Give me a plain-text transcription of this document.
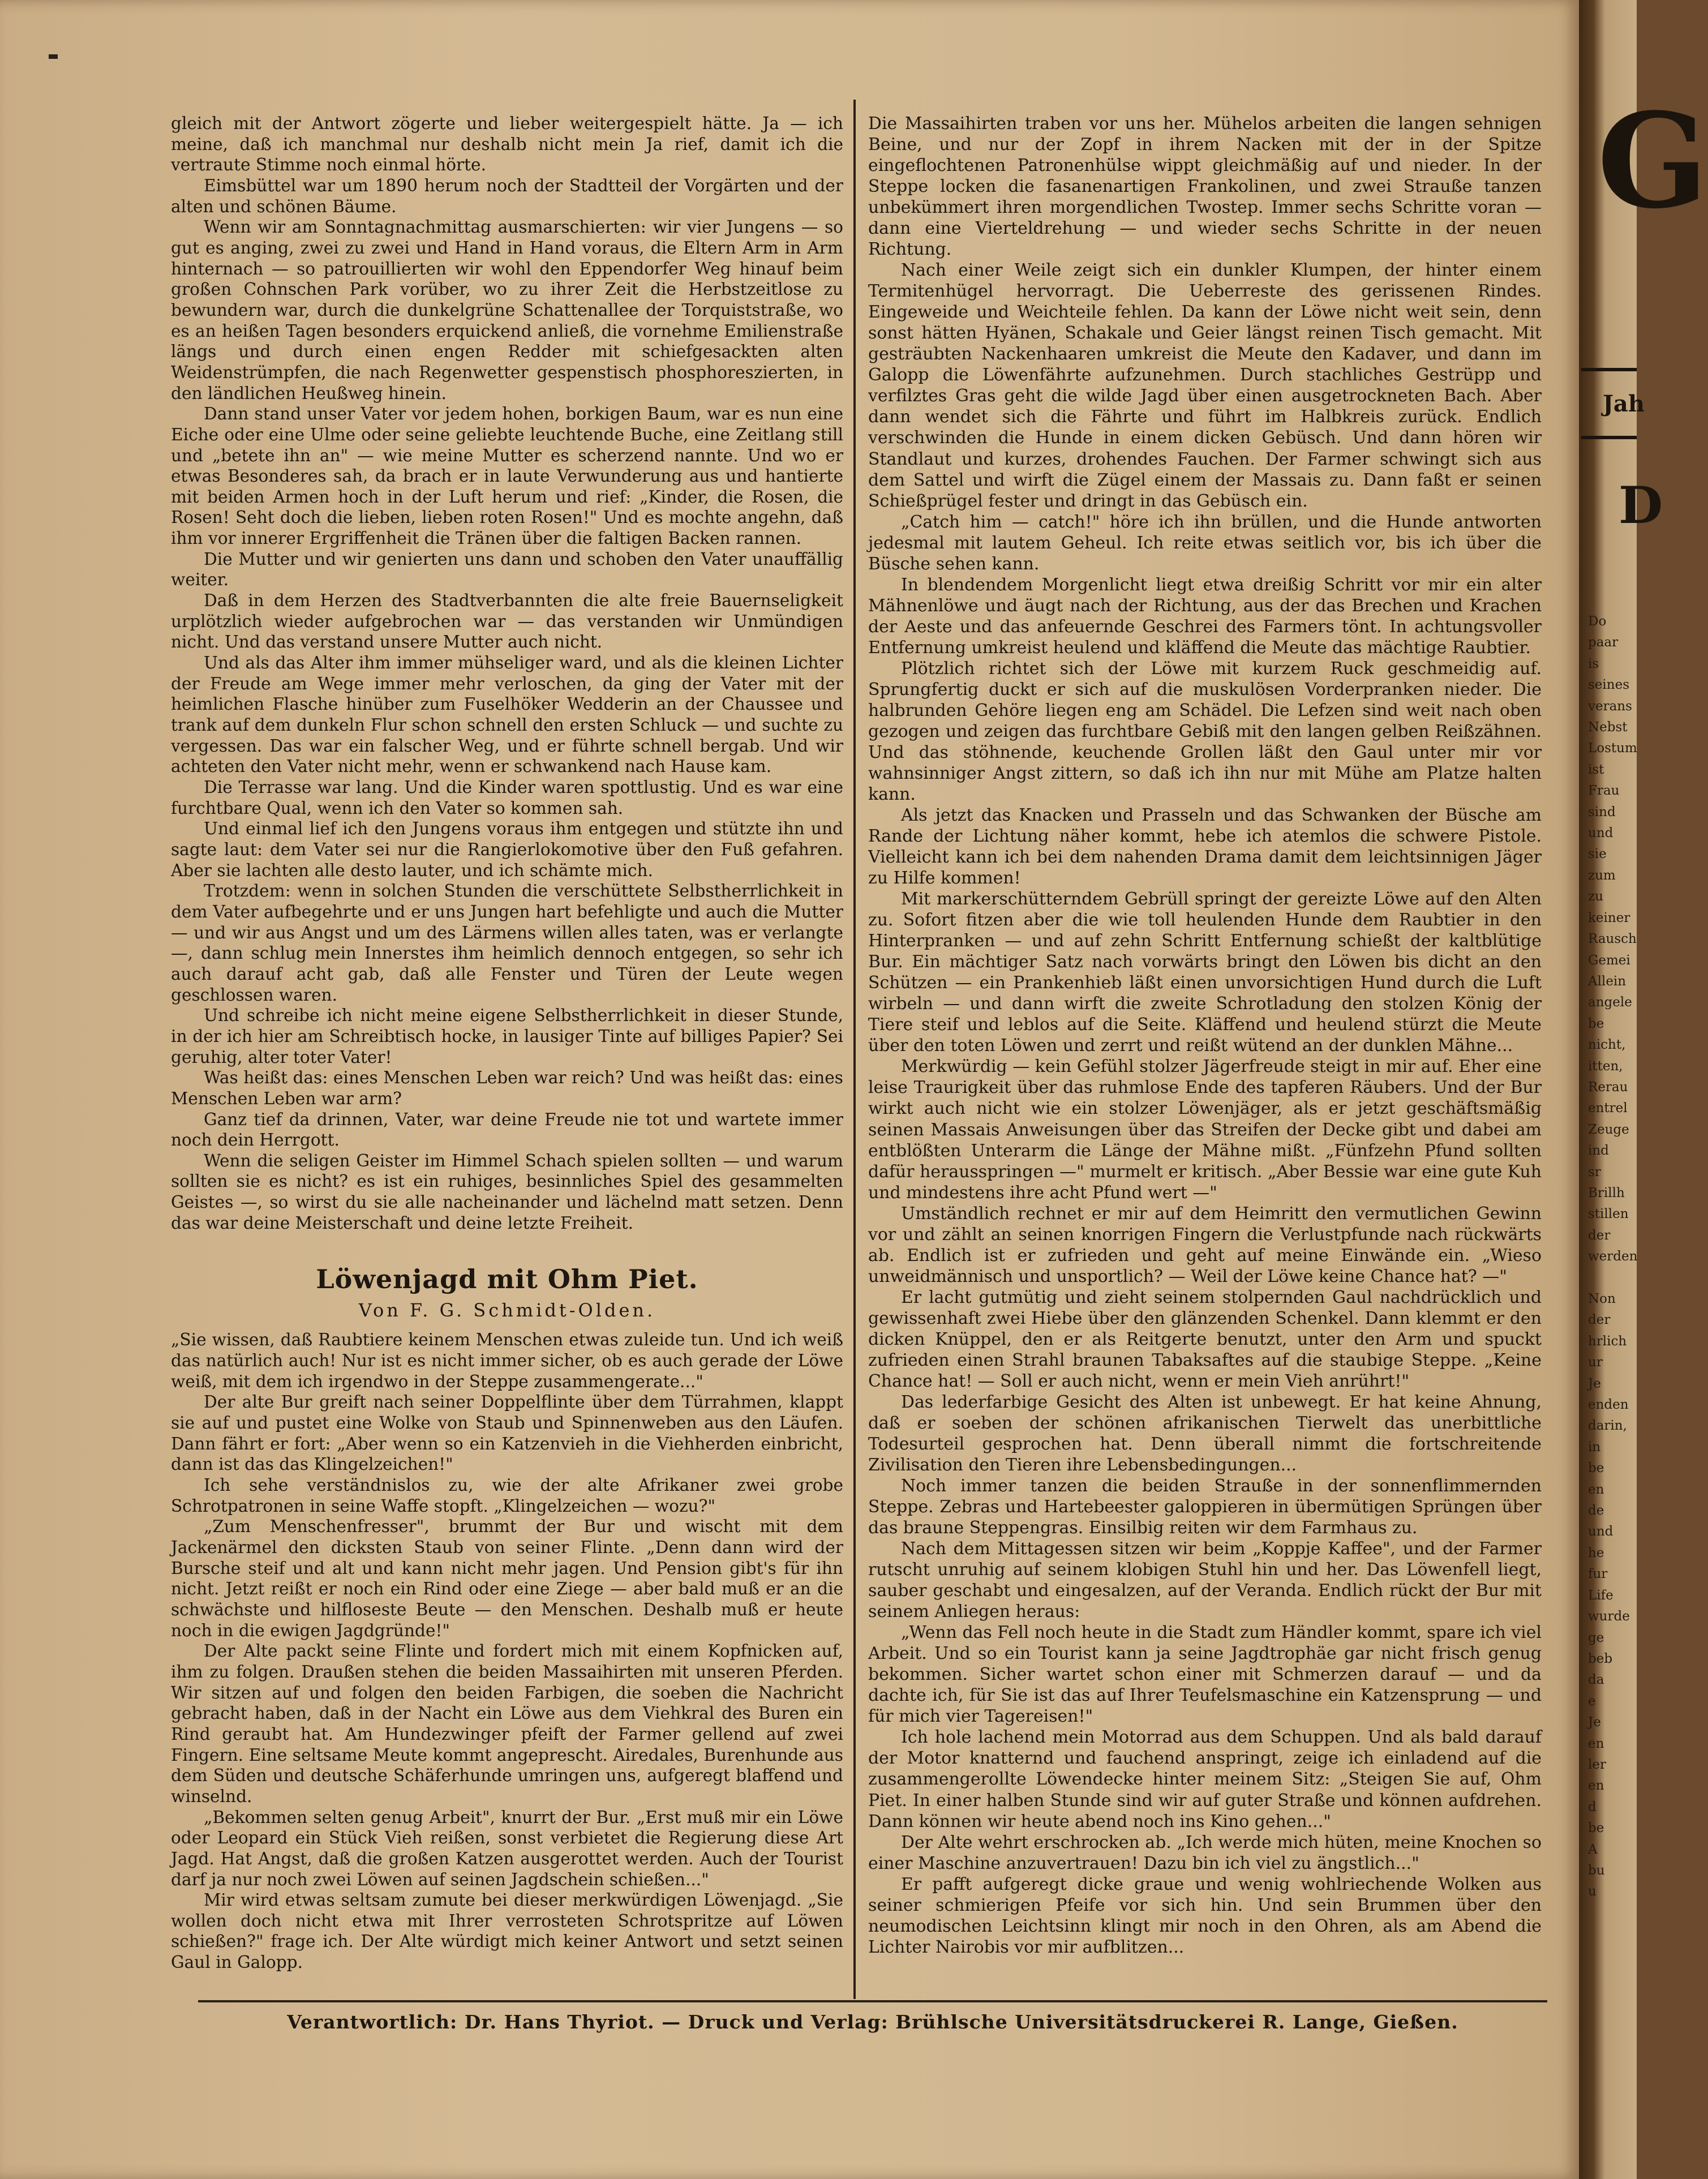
gleich mit der Antwort zögerte und lieber weitergespielt hätte. Ja — ich meine, daß ich manchmal nur deshalb nicht mein Ja rief, damit ich die vertraute Stimme noch einmal hörte.

Eimsbüttel war um 1890 herum noch der Stadtteil der Vorgärten und der alten und schönen Bäume.

Wenn wir am Sonntagnachmittag ausmarschierten: wir vier Jungens — so gut es anging, zwei zu zwei und Hand in Hand voraus, die Eltern Arm in Arm hinternach — so patrouillierten wir wohl den Eppendorfer Weg hinauf beim großen Cohnschen Park vorüber, wo zu ihrer Zeit die Herbstzeitlose zu bewundern war, durch die dunkelgrüne Schattenallee der Torquiststraße, wo es an heißen Tagen besonders erquickend anließ, die vornehme Emilienstraße längs und durch einen engen Redder mit schiefgesackten alten Weidenstrümpfen, die nach Regenwetter gespenstisch phosphoreszierten, in den ländlichen Heußweg hinein.

Dann stand unser Vater vor jedem hohen, borkigen Baum, war es nun eine Eiche oder eine Ulme oder seine geliebte leuchtende Buche, eine Zeitlang still und „betete ihn an" — wie meine Mutter es scherzend nannte. Und wo er etwas Besonderes sah, da brach er in laute Verwunderung aus und hantierte mit beiden Armen hoch in der Luft herum und rief: „Kinder, die Rosen, die Rosen! Seht doch die lieben, lieben roten Rosen!" Und es mochte angehn, daß ihm vor innerer Ergriffenheit die Tränen über die faltigen Backen rannen.

Die Mutter und wir genierten uns dann und schoben den Vater unauffällig weiter.

Daß in dem Herzen des Stadtverbannten die alte freie Bauernseligkeit urplötzlich wieder aufgebrochen war — das verstanden wir Unmündigen nicht. Und das verstand unsere Mutter auch nicht.

Und als das Alter ihm immer mühseliger ward, und als die kleinen Lichter der Freude am Wege immer mehr verloschen, da ging der Vater mit der heimlichen Flasche hinüber zum Fuselhöker Wedderin an der Chaussee und trank auf dem dunkeln Flur schon schnell den ersten Schluck — und suchte zu vergessen. Das war ein falscher Weg, und er führte schnell bergab. Und wir achteten den Vater nicht mehr, wenn er schwankend nach Hause kam.

Die Terrasse war lang. Und die Kinder waren spottlustig. Und es war eine furchtbare Qual, wenn ich den Vater so kommen sah.

Und einmal lief ich den Jungens voraus ihm entgegen und stützte ihn und sagte laut: dem Vater sei nur die Rangierlokomotive über den Fuß gefahren. Aber sie lachten alle desto lauter, und ich schämte mich.

Trotzdem: wenn in solchen Stunden die verschüttete Selbstherrlichkeit in dem Vater aufbegehrte und er uns Jungen hart befehligte und auch die Mutter — und wir aus Angst und um des Lärmens willen alles taten, was er verlangte —, dann schlug mein Innerstes ihm heimlich dennoch entgegen, so sehr ich auch darauf acht gab, daß alle Fenster und Türen der Leute wegen geschlossen waren.

Und schreibe ich nicht meine eigene Selbstherrlichkeit in dieser Stunde, in der ich hier am Schreibtisch hocke, in lausiger Tinte auf billiges Papier? Sei geruhig, alter toter Vater!

Was heißt das: eines Menschen Leben war reich? Und was heißt das: eines Menschen Leben war arm?

Ganz tief da drinnen, Vater, war deine Freude nie tot und wartete immer noch dein Herrgott.

Wenn die seligen Geister im Himmel Schach spielen sollten — und warum sollten sie es nicht? es ist ein ruhiges, besinnliches Spiel des gesammelten Geistes —, so wirst du sie alle nacheinander und lächelnd matt setzen. Denn das war deine Meisterschaft und deine letzte Freiheit.

Löwenjagd mit Ohm Piet.
Von F. G. Schmidt-Olden.

„Sie wissen, daß Raubtiere keinem Menschen etwas zuleide tun. Und ich weiß das natürlich auch! Nur ist es nicht immer sicher, ob es auch gerade der Löwe weiß, mit dem ich irgendwo in der Steppe zusammengerate..."

Der alte Bur greift nach seiner Doppelflinte über dem Türrahmen, klappt sie auf und pustet eine Wolke von Staub und Spinnenweben aus den Läufen. Dann fährt er fort: „Aber wenn so ein Katzenvieh in die Viehherden einbricht, dann ist das das Klingelzeichen!"

Ich sehe verständnislos zu, wie der alte Afrikaner zwei grobe Schrotpatronen in seine Waffe stopft. „Klingelzeichen — wozu?"

„Zum Menschenfresser", brummt der Bur und wischt mit dem Jackenärmel den dicksten Staub von seiner Flinte. „Denn dann wird der Bursche steif und alt und kann nicht mehr jagen. Und Pension gibt's für ihn nicht. Jetzt reißt er noch ein Rind oder eine Ziege — aber bald muß er an die schwächste und hilfloseste Beute — den Menschen. Deshalb muß er heute noch in die ewigen Jagdgründe!"

Der Alte packt seine Flinte und fordert mich mit einem Kopfnicken auf, ihm zu folgen. Draußen stehen die beiden Massaihirten mit unseren Pferden. Wir sitzen auf und folgen den beiden Farbigen, die soeben die Nachricht gebracht haben, daß in der Nacht ein Löwe aus dem Viehkral des Buren ein Rind geraubt hat. Am Hundezwinger pfeift der Farmer gellend auf zwei Fingern. Eine seltsame Meute kommt angeprescht. Airedales, Burenhunde aus dem Süden und deutsche Schäferhunde umringen uns, aufgeregt blaffend und winselnd.

„Bekommen selten genug Arbeit", knurrt der Bur. „Erst muß mir ein Löwe oder Leopard ein Stück Vieh reißen, sonst verbietet die Regierung diese Art Jagd. Hat Angst, daß die großen Katzen ausgerottet werden. Auch der Tourist darf ja nur noch zwei Löwen auf seinen Jagdschein schießen..."

Mir wird etwas seltsam zumute bei dieser merkwürdigen Löwenjagd. „Sie wollen doch nicht etwa mit Ihrer verrosteten Schrotspritze auf Löwen schießen?" frage ich. Der Alte würdigt mich keiner Antwort und setzt seinen Gaul in Galopp.

Die Massaihirten traben vor uns her. Mühelos arbeiten die langen sehnigen Beine, und nur der Zopf in ihrem Nacken mit der in der Spitze eingeflochtenen Patronenhülse wippt gleichmäßig auf und nieder. In der Steppe locken die fasanenartigen Frankolinen, und zwei Strauße tanzen unbekümmert ihren morgendlichen Twostep. Immer sechs Schritte voran — dann eine Vierteldrehung — und wieder sechs Schritte in der neuen Richtung.

Nach einer Weile zeigt sich ein dunkler Klumpen, der hinter einem Termitenhügel hervorragt. Die Ueberreste des gerissenen Rindes. Eingeweide und Weichteile fehlen. Da kann der Löwe nicht weit sein, denn sonst hätten Hyänen, Schakale und Geier längst reinen Tisch gemacht. Mit gesträubten Nackenhaaren umkreist die Meute den Kadaver, und dann im Galopp die Löwenfährte aufzunehmen. Durch stachliches Gestrüpp und verfilztes Gras geht die wilde Jagd über einen ausgetrockneten Bach. Aber dann wendet sich die Fährte und führt im Halbkreis zurück. Endlich verschwinden die Hunde in einem dicken Gebüsch. Und dann hören wir Standlaut und kurzes, drohendes Fauchen. Der Farmer schwingt sich aus dem Sattel und wirft die Zügel einem der Massais zu. Dann faßt er seinen Schießprügel fester und dringt in das Gebüsch ein.

„Catch him — catch!" höre ich ihn brüllen, und die Hunde antworten jedesmal mit lautem Geheul. Ich reite etwas seitlich vor, bis ich über die Büsche sehen kann.

In blendendem Morgenlicht liegt etwa dreißig Schritt vor mir ein alter Mähnenlöwe und äugt nach der Richtung, aus der das Brechen und Krachen der Aeste und das anfeuernde Geschrei des Farmers tönt. In achtungsvoller Entfernung umkreist heulend und kläffend die Meute das mächtige Raubtier.

Plötzlich richtet sich der Löwe mit kurzem Ruck geschmeidig auf. Sprungfertig duckt er sich auf die muskulösen Vorderpranken nieder. Die halbrunden Gehöre liegen eng am Schädel. Die Lefzen sind weit nach oben gezogen und zeigen das furchtbare Gebiß mit den langen gelben Reißzähnen. Und das stöhnende, keuchende Grollen läßt den Gaul unter mir vor wahnsinniger Angst zittern, so daß ich ihn nur mit Mühe am Platze halten kann.

Als jetzt das Knacken und Prasseln und das Schwanken der Büsche am Rande der Lichtung näher kommt, hebe ich atemlos die schwere Pistole. Vielleicht kann ich bei dem nahenden Drama damit dem leichtsinnigen Jäger zu Hilfe kommen!

Mit markerschütterndem Gebrüll springt der gereizte Löwe auf den Alten zu. Sofort fitzen aber die wie toll heulenden Hunde dem Raubtier in den Hinterpranken — und auf zehn Schritt Entfernung schießt der kaltblütige Bur. Ein mächtiger Satz nach vorwärts bringt den Löwen bis dicht an den Schützen — ein Prankenhieb läßt einen unvorsichtigen Hund durch die Luft wirbeln — und dann wirft die zweite Schrotladung den stolzen König der Tiere steif und leblos auf die Seite. Kläffend und heulend stürzt die Meute über den toten Löwen und zerrt und reißt wütend an der dunklen Mähne...

Merkwürdig — kein Gefühl stolzer Jägerfreude steigt in mir auf. Eher eine leise Traurigkeit über das ruhmlose Ende des tapferen Räubers. Und der Bur wirkt auch nicht wie ein stolzer Löwenjäger, als er jetzt geschäftsmäßig seinen Massais Anweisungen über das Streifen der Decke gibt und dabei am entblößten Unterarm die Länge der Mähne mißt. „Fünfzehn Pfund sollten dafür herausspringen —" murmelt er kritisch. „Aber Bessie war eine gute Kuh und mindestens ihre acht Pfund wert —"

Umständlich rechnet er mir auf dem Heimritt den vermutlichen Gewinn vor und zählt an seinen knorrigen Fingern die Verlustpfunde nach rückwärts ab. Endlich ist er zufrieden und geht auf meine Einwände ein. „Wieso unweidmännisch und unsportlich? — Weil der Löwe keine Chance hat? —"

Er lacht gutmütig und zieht seinem stolpernden Gaul nachdrücklich und gewissenhaft zwei Hiebe über den glänzenden Schenkel. Dann klemmt er den dicken Knüppel, den er als Reitgerte benutzt, unter den Arm und spuckt zufrieden einen Strahl braunen Tabaksaftes auf die staubige Steppe. „Keine Chance hat! — Soll er auch nicht, wenn er mein Vieh anrührt!"

Das lederfarbige Gesicht des Alten ist unbewegt. Er hat keine Ahnung, daß er soeben der schönen afrikanischen Tierwelt das unerbittliche Todesurteil gesprochen hat. Denn überall nimmt die fortschreitende Zivilisation den Tieren ihre Lebensbedingungen...

Noch immer tanzen die beiden Strauße in der sonnenflimmernden Steppe. Zebras und Hartebeester galoppieren in übermütigen Sprüngen über das braune Steppengras. Einsilbig reiten wir dem Farmhaus zu.

Nach dem Mittagessen sitzen wir beim „Koppje Kaffee", und der Farmer rutscht unruhig auf seinem klobigen Stuhl hin und her. Das Löwenfell liegt, sauber geschabt und eingesalzen, auf der Veranda. Endlich rückt der Bur mit seinem Anliegen heraus:

„Wenn das Fell noch heute in die Stadt zum Händler kommt, spare ich viel Arbeit. Und so ein Tourist kann ja seine Jagdtrophäe gar nicht frisch genug bekommen. Sicher wartet schon einer mit Schmerzen darauf — und da dachte ich, für Sie ist das auf Ihrer Teufelsmaschine ein Katzensprung — und für mich vier Tagereisen!"

Ich hole lachend mein Motorrad aus dem Schuppen. Und als bald darauf der Motor knatternd und fauchend anspringt, zeige ich einladend auf die zusammengerollte Löwendecke hinter meinem Sitz: „Steigen Sie auf, Ohm Piet. In einer halben Stunde sind wir auf guter Straße und können aufdrehen. Dann können wir heute abend noch ins Kino gehen..."

Der Alte wehrt erschrocken ab. „Ich werde mich hüten, meine Knochen so einer Maschine anzuvertrauen! Dazu bin ich viel zu ängstlich..."

Er pafft aufgeregt dicke graue und wenig wohlriechende Wolken aus seiner schmierigen Pfeife vor sich hin. Und sein Brummen über den neumodischen Leichtsinn klingt mir noch in den Ohren, als am Abend die Lichter Nairobis vor mir aufblitzen...

Verantwortlich: Dr. Hans Thyriot. — Druck und Verlag: Brühlsche Universitätsdruckerei R. Lange, Gießen.
G
Jah
D
Do
paar
is
seines
verans
Nebst
Lostum
ist
Frau
sind
und
sie
zum
zu
keiner
Rausch
Gemei
Allein
angele
be
nicht,
itten,
Rerau
entrel
Zeuge
ind
sr
Brillh
stillen
der
werden

Non
der
hrlich
ur
Je
enden
darin,
in
be
en
de
und
he
fur
Life
wurde
ge
beb
da
e
Je
en
ler
en
d
be
A
bu
u
